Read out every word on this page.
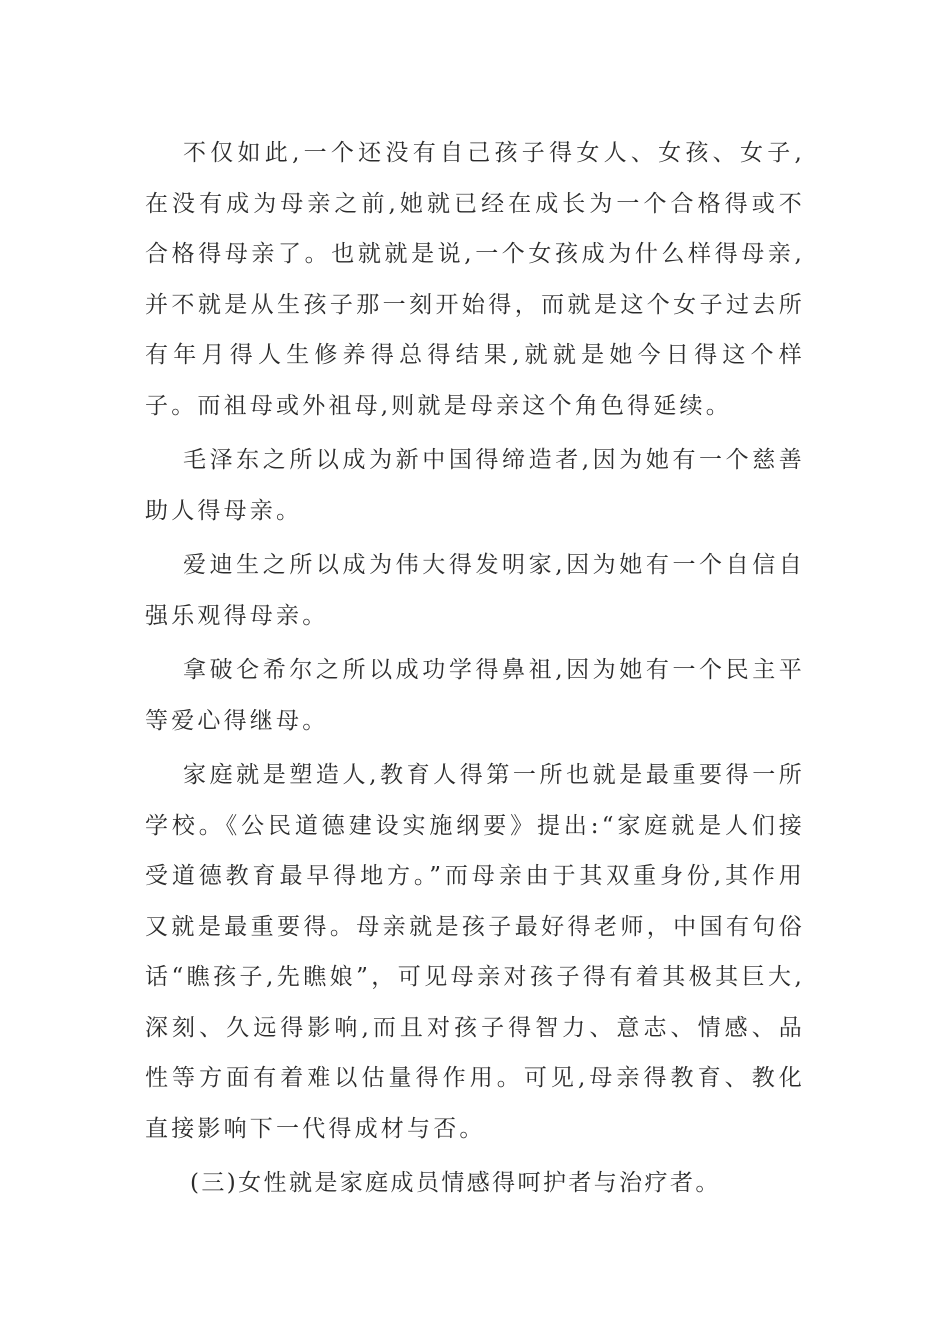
不仅如此,一个还没有自己孩子得女人、女孩、女子,在没有成为母亲之前,她就已经在成长为一个合格得或不合格得母亲了。也就就是说,一个女孩成为什么样得母亲,并不就是从生孩子那一刻开始得，而就是这个女子过去所有年月得人生修养得总得结果,就就是她今日得这个样子。而祖母或外祖母,则就是母亲这个角色得延续。

毛泽东之所以成为新中国得缔造者,因为她有一个慈善助人得母亲。

爱迪生之所以成为伟大得发明家,因为她有一个自信自强乐观得母亲。

拿破仑希尔之所以成功学得鼻祖,因为她有一个民主平等爱心得继母。

家庭就是塑造人,教育人得第一所也就是最重要得一所学校。《公民道德建设实施纲要》提出:“家庭就是人们接受道德教育最早得地方。”而母亲由于其双重身份,其作用又就是最重要得。母亲就是孩子最好得老师，中国有句俗话“瞧孩子,先瞧娘”，可见母亲对孩子得有着其极其巨大,深刻、久远得影响,而且对孩子得智力、意志、情感、品性等方面有着难以估量得作用。可见,母亲得教育、教化直接影响下一代得成材与否。

(三)女性就是家庭成员情感得呵护者与治疗者。
